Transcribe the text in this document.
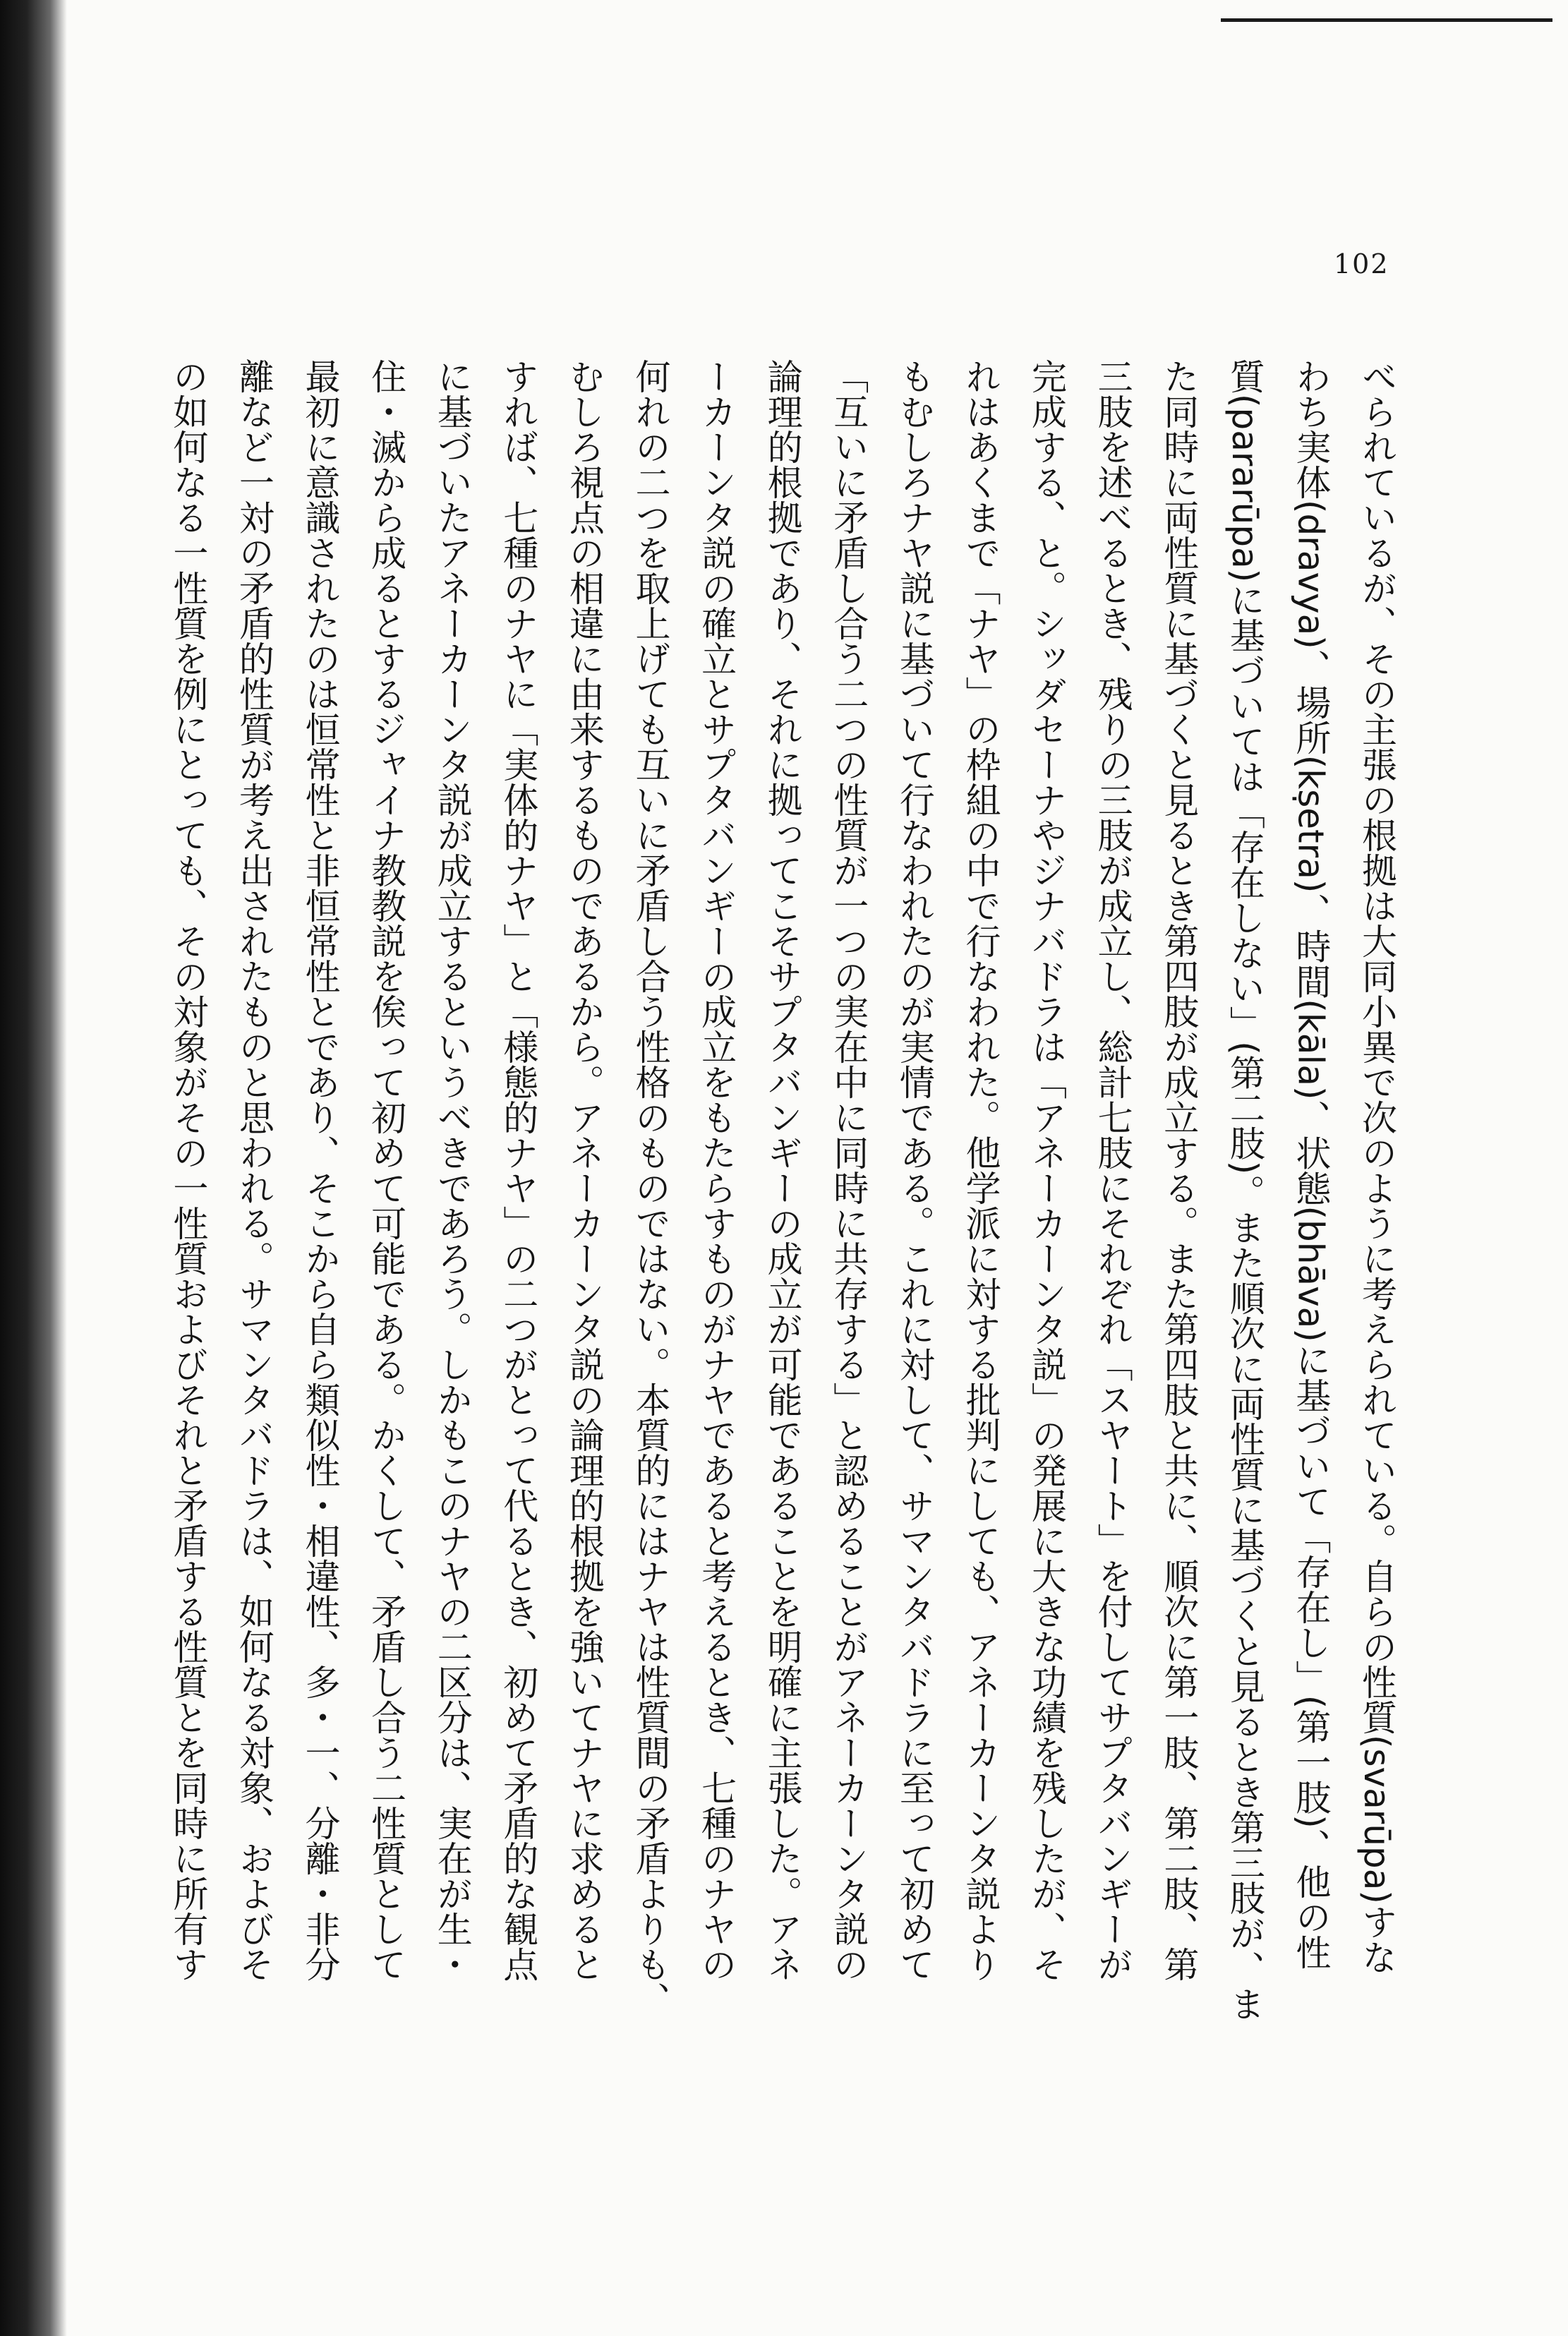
102

べられているが、その主張の根拠は大同小異で次のように考えられている。自らの性質(svarūpa)すな

わち実体(dravya)、場所(kṣetra)、時間(kāla)、状態(bhāva)に基づいて「存在し」(第一肢)、他の性

質(pararūpa)に基づいては「存在しない」(第二肢)。また順次に両性質に基づくと見るとき第三肢が、ま

た同時に両性質に基づくと見るとき第四肢が成立する。また第四肢と共に、順次に第一肢、第二肢、第

三肢を述べるとき、残りの三肢が成立し、総計七肢にそれぞれ「スヤート」を付してサプタバンギーが

完成する、と。シッダセーナやジナバドラは「アネーカーンタ説」の発展に大きな功績を残したが、そ

れはあくまで「ナヤ」の枠組の中で行なわれた。他学派に対する批判にしても、アネーカーンタ説より

もむしろナヤ説に基づいて行なわれたのが実情である。これに対して、サマンタバドラに至って初めて

「互いに矛盾し合う二つの性質が一つの実在中に同時に共存する」と認めることがアネーカーンタ説の

論理的根拠であり、それに拠ってこそサプタバンギーの成立が可能であることを明確に主張した。アネ

ーカーンタ説の確立とサプタバンギーの成立をもたらすものがナヤであると考えるとき、七種のナヤの

何れの二つを取上げても互いに矛盾し合う性格のものではない。本質的にはナヤは性質間の矛盾よりも、

むしろ視点の相違に由来するものであるから。アネーカーンタ説の論理的根拠を強いてナヤに求めると

すれば、七種のナヤに「実体的ナヤ」と「様態的ナヤ」の二つがとって代るとき、初めて矛盾的な観点

に基づいたアネーカーンタ説が成立するというべきであろう。しかもこのナヤの二区分は、実在が生・

住・滅から成るとするジャイナ教教説を俟って初めて可能である。かくして、矛盾し合う二性質として

最初に意識されたのは恒常性と非恒常性とであり、そこから自ら類似性・相違性、多・一、分離・非分

離など一対の矛盾的性質が考え出されたものと思われる。サマンタバドラは、如何なる対象、およびそ

の如何なる一性質を例にとっても、その対象がその一性質およびそれと矛盾する性質とを同時に所有す
